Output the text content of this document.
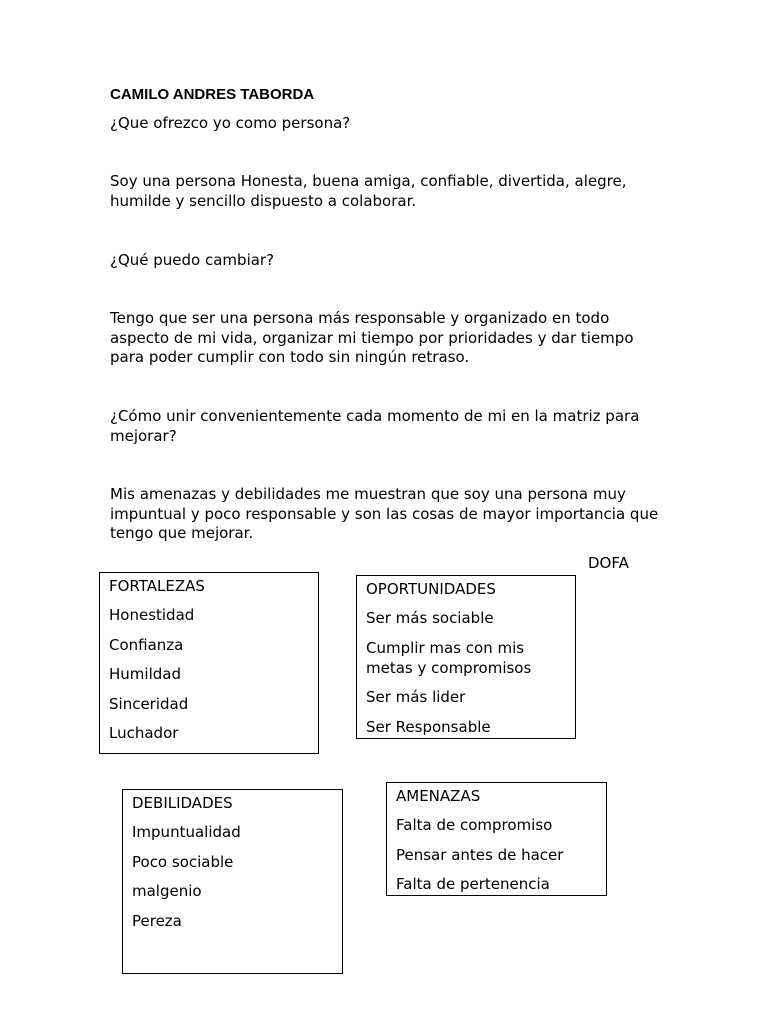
CAMILO ANDRES TABORDA

¿Que ofrezco yo como persona?

Soy una persona Honesta, buena amiga, confiable, divertida, alegre, humilde y sencillo dispuesto a colaborar.

¿Qué puedo cambiar?

Tengo que ser una persona más responsable y organizado en todo aspecto de mi vida, organizar mi tiempo por prioridades y dar tiempo para poder cumplir con todo sin ningún retraso.

¿Cómo unir convenientemente cada momento de mi en la matriz para mejorar?

Mis amenazas y debilidades me muestran que soy una persona muy impuntual y poco responsable y son las cosas de mayor importancia que tengo que mejorar.

DOFA
FORTALEZAS
Honestidad
Confianza
Humildad
Sinceridad
Luchador
OPORTUNIDADES
Ser más sociable
Cumplir mas con mis metas y compromisos
Ser más lider
Ser Responsable
DEBILIDADES
Impuntualidad
Poco sociable
malgenio
Pereza
AMENAZAS
Falta de compromiso
Pensar antes de hacer
Falta de pertenencia
